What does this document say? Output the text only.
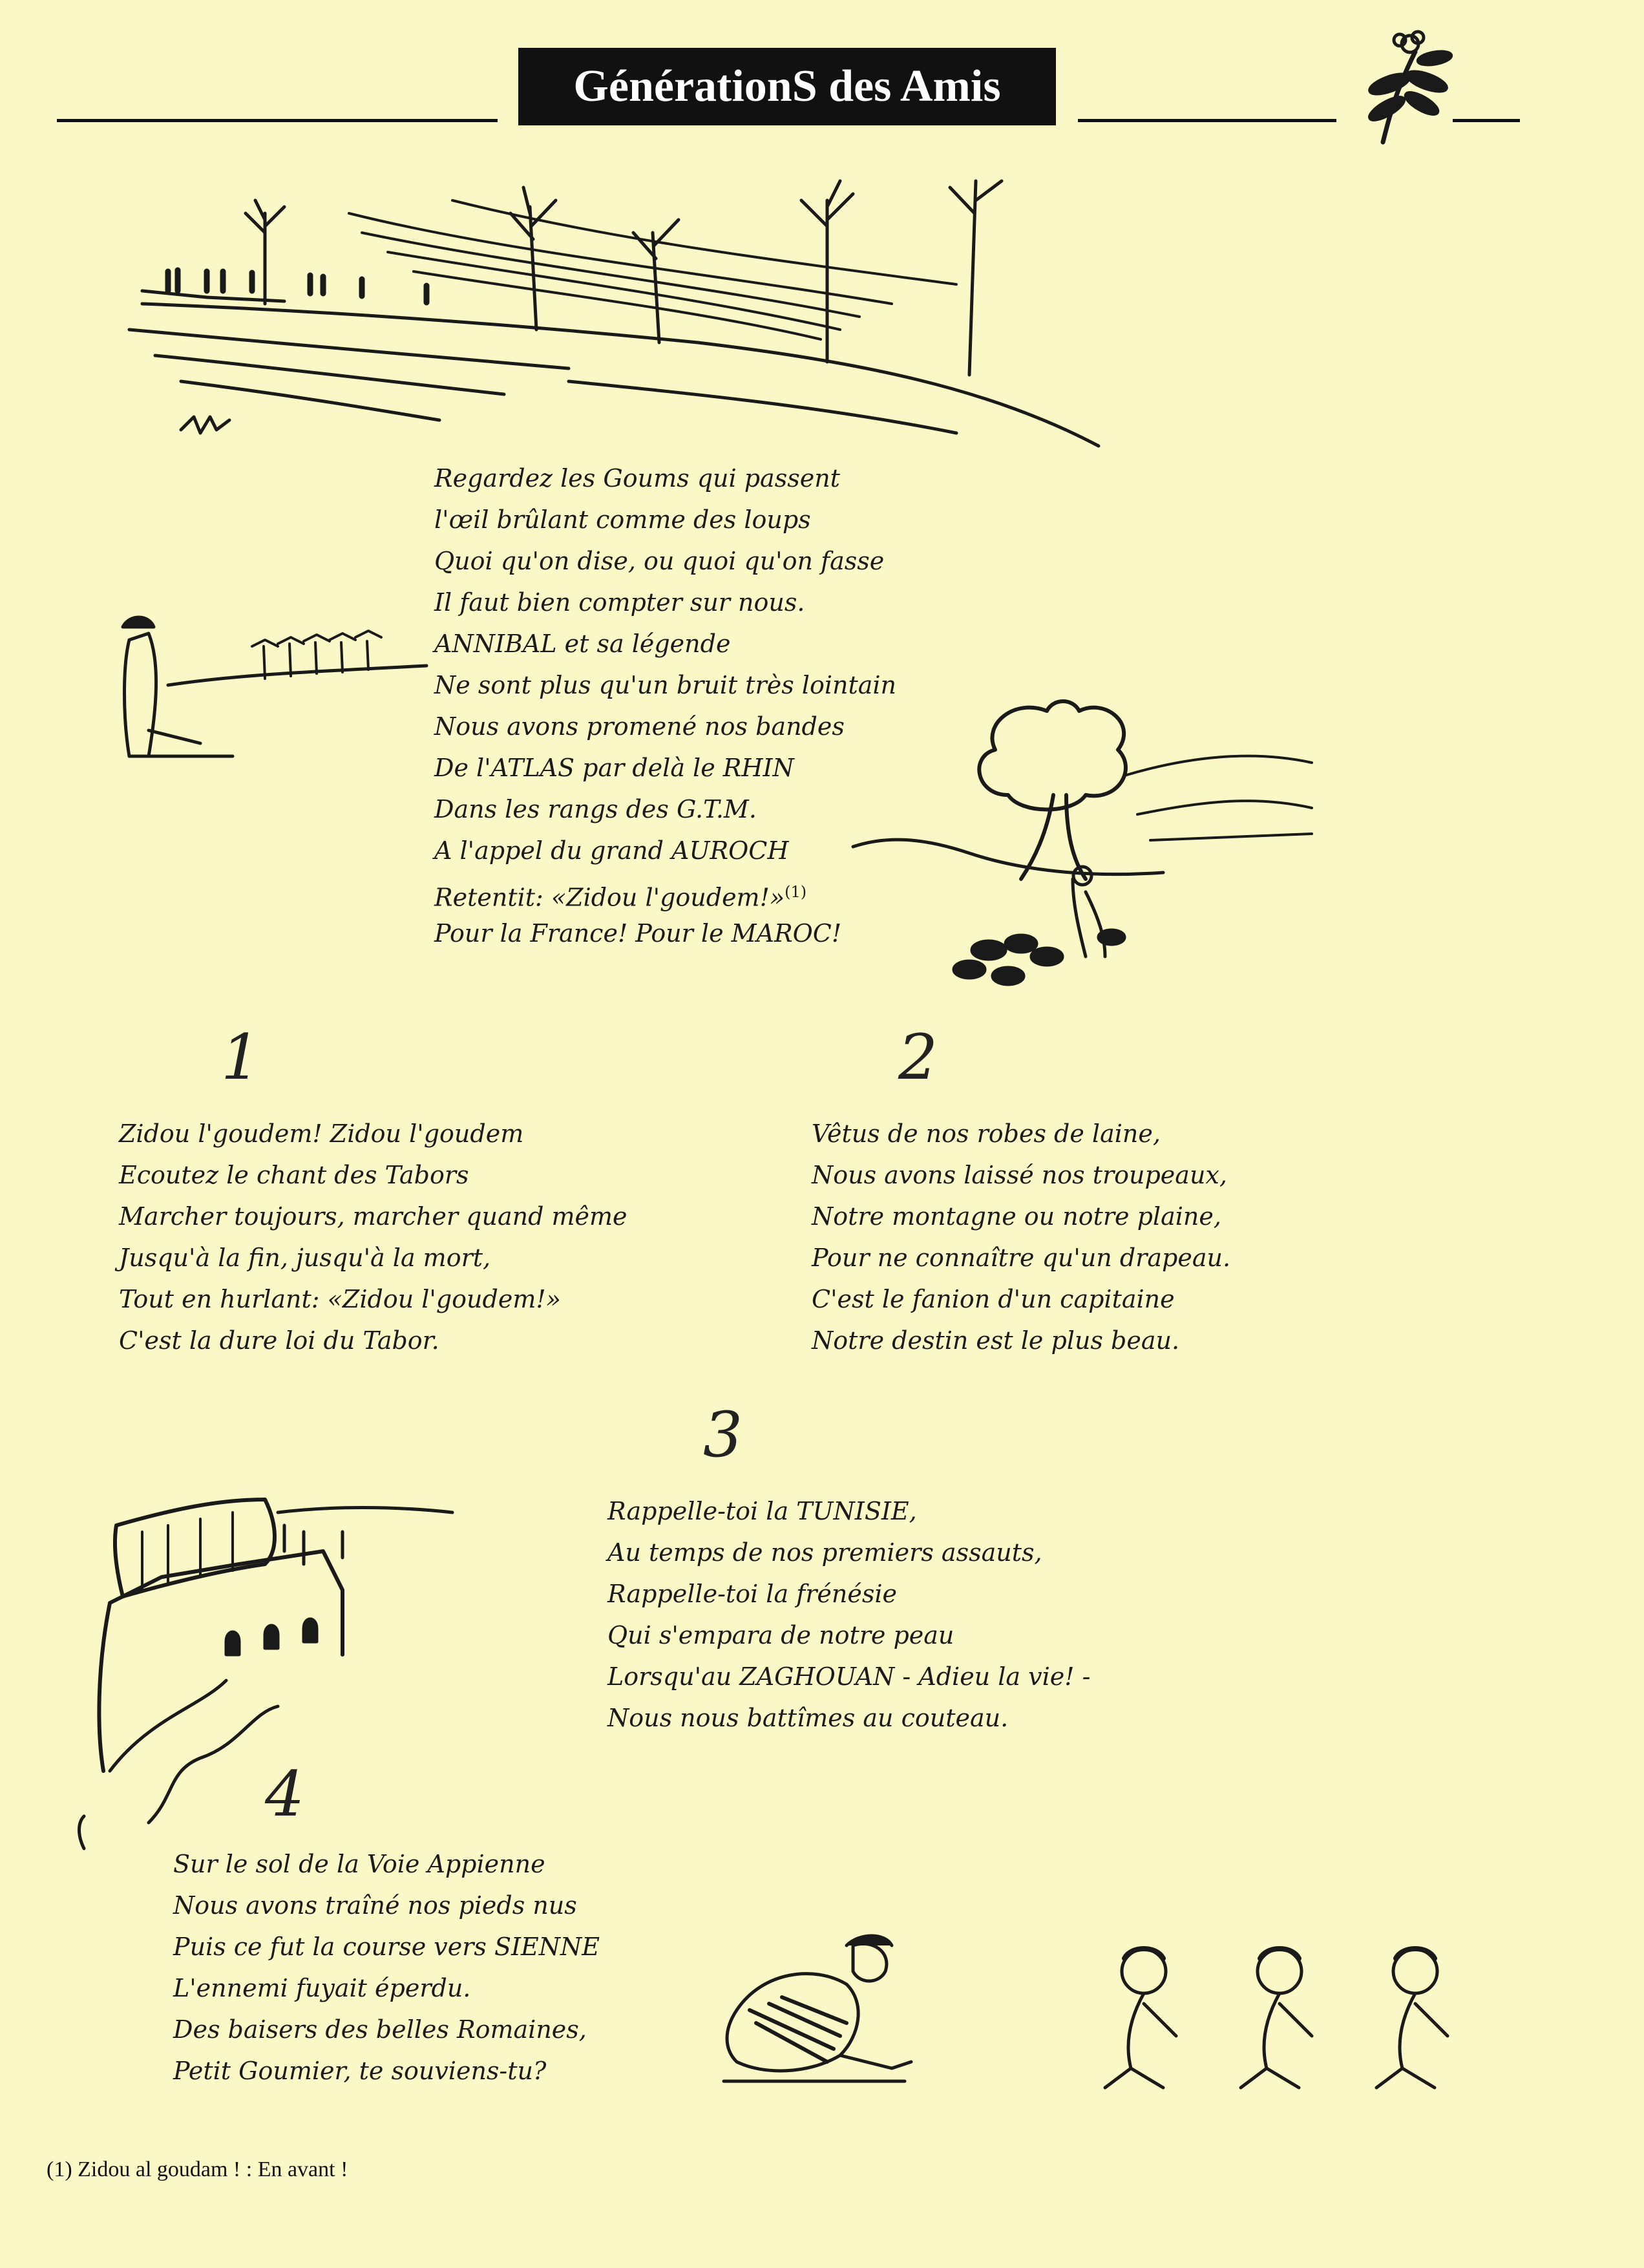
GénérationS des Amis
Regardez les Goums qui passent
l'œil brûlant comme des loups
Quoi qu'on dise, ou quoi qu'on fasse
Il faut bien compter sur nous.
ANNIBAL et sa légende
Ne sont plus qu'un bruit très lointain
Nous avons promené nos bandes
De l'ATLAS par delà le RHIN
Dans les rangs des G.T.M.
A l'appel du grand AUROCH
Retentit: «Zidou l'goudem!»$^{(1)}$
Pour la France! Pour le MAROC!
1
Zidou l'goudem! Zidou l'goudem
Ecoutez le chant des Tabors
Marcher toujours, marcher quand même
Jusqu'à la fin, jusqu'à la mort,
Tout en hurlant: «Zidou l'goudem!»
C'est la dure loi du Tabor.
2
Vêtus de nos robes de laine,
Nous avons laissé nos troupeaux,
Notre montagne ou notre plaine,
Pour ne connaître qu'un drapeau.
C'est le fanion d'un capitaine
Notre destin est le plus beau.
3
Rappelle-toi la TUNISIE,
Au temps de nos premiers assauts,
Rappelle-toi la frénésie
Qui s'empara de notre peau
Lorsqu'au ZAGHOUAN - Adieu la vie! -
Nous nous battîmes au couteau.
4
Sur le sol de la Voie Appienne
Nous avons traîné nos pieds nus
Puis ce fut la course vers SIENNE
L'ennemi fuyait éperdu.
Des baisers des belles Romaines,
Petit Goumier, te souviens-tu?
(1) Zidou al goudam ! : En avant !
